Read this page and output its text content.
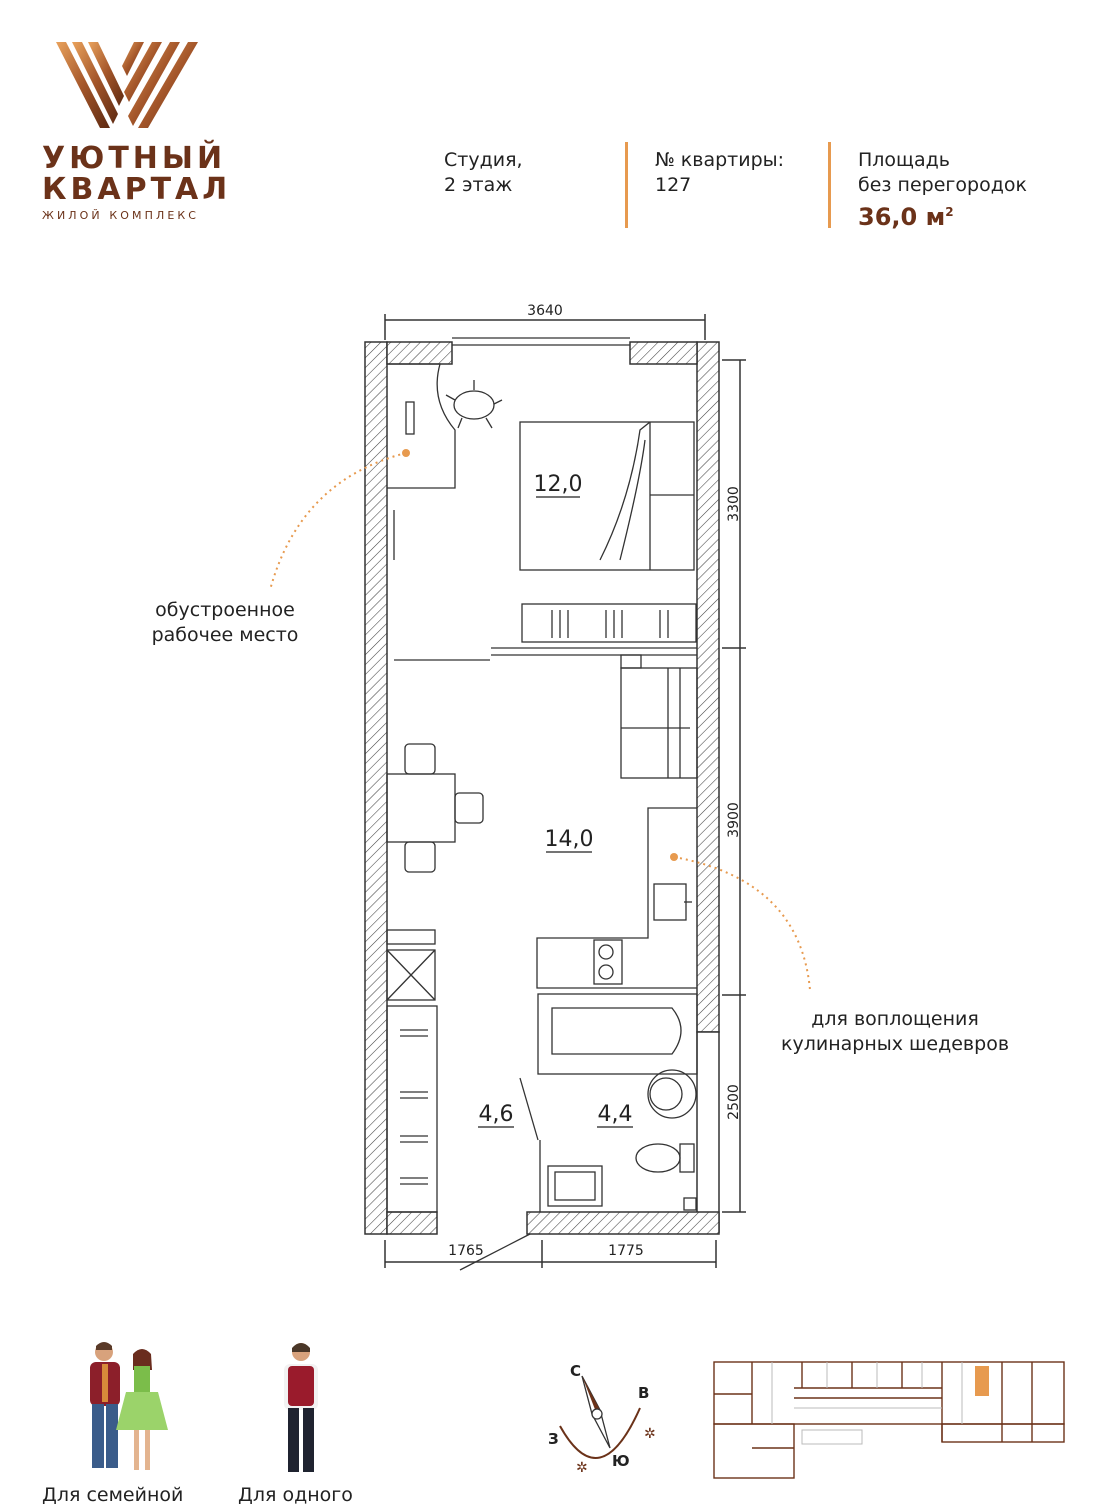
УЮТНЫЙ
КВАРТАЛ
ЖИЛОЙ КОМПЛЕКС
Студия,
2 этаж
№ квартиры:
127
Площадь
без перегородок
36,0 $м^2$
3640
3300
3900
2500
1765	1775
12,0
14,0
4,6	4,4
обустроенное
рабочее место
для воплощения
кулинарных шедевров
Для семейной	Для одного
С
В
Ю
З	✲
✲
